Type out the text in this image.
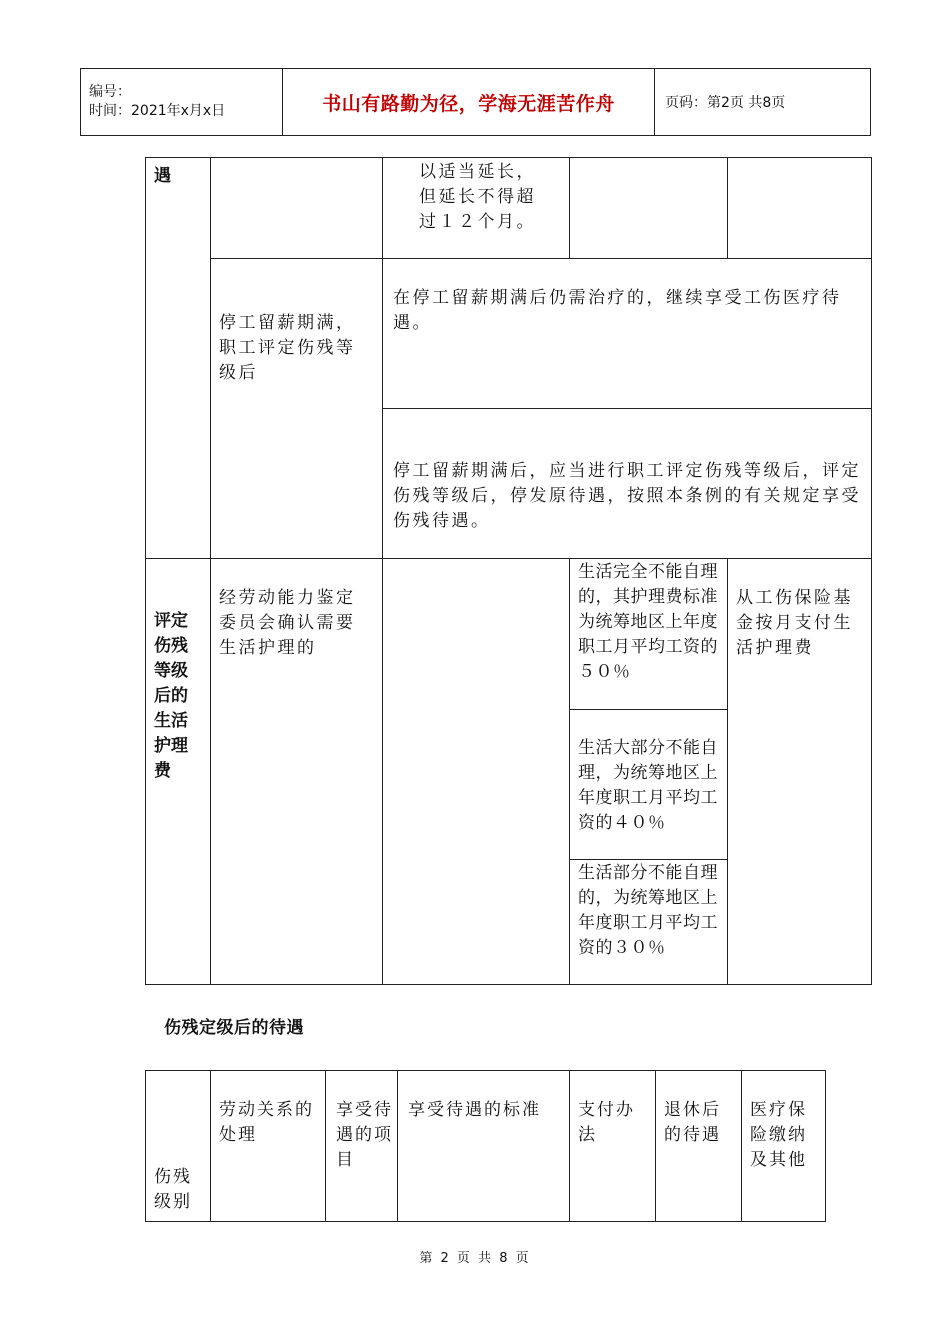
编号：
时间：2021年x月x日	书山有路勤为径，学海无涯苦作舟	页码：第2页 共8页
遇		以适当延长，但延长不得超过１２个月。		
	停工留薪期满，职工评定伤残等级后	在停工留薪期满后仍需治疗的，继续享受工伤医疗待遇。		
		停工留薪期满后，应当进行职工评定伤残等级后，评定伤残等级后，停发原待遇，按照本条例的有关规定享受伤残待遇。		
评定伤残等级后的生活护理费	经劳动能力鉴定委员会确认需要生活护理的		生活完全不能自理的，其护理费标准为统筹地区上年度职工月平均工资的５０％	从工伤保险基金按月支付生活护理费
			生活大部分不能自理，为统筹地区上年度职工月平均工资的４０％	
			生活部分不能自理的，为统筹地区上年度职工月平均工资的３０％	
伤残定级后的待遇
伤残级别	劳动关系的处理	享受待遇的项目	享受待遇的标准	支付办法	退休后的待遇	医疗保险缴纳及其他
第 2 页 共 8 页
